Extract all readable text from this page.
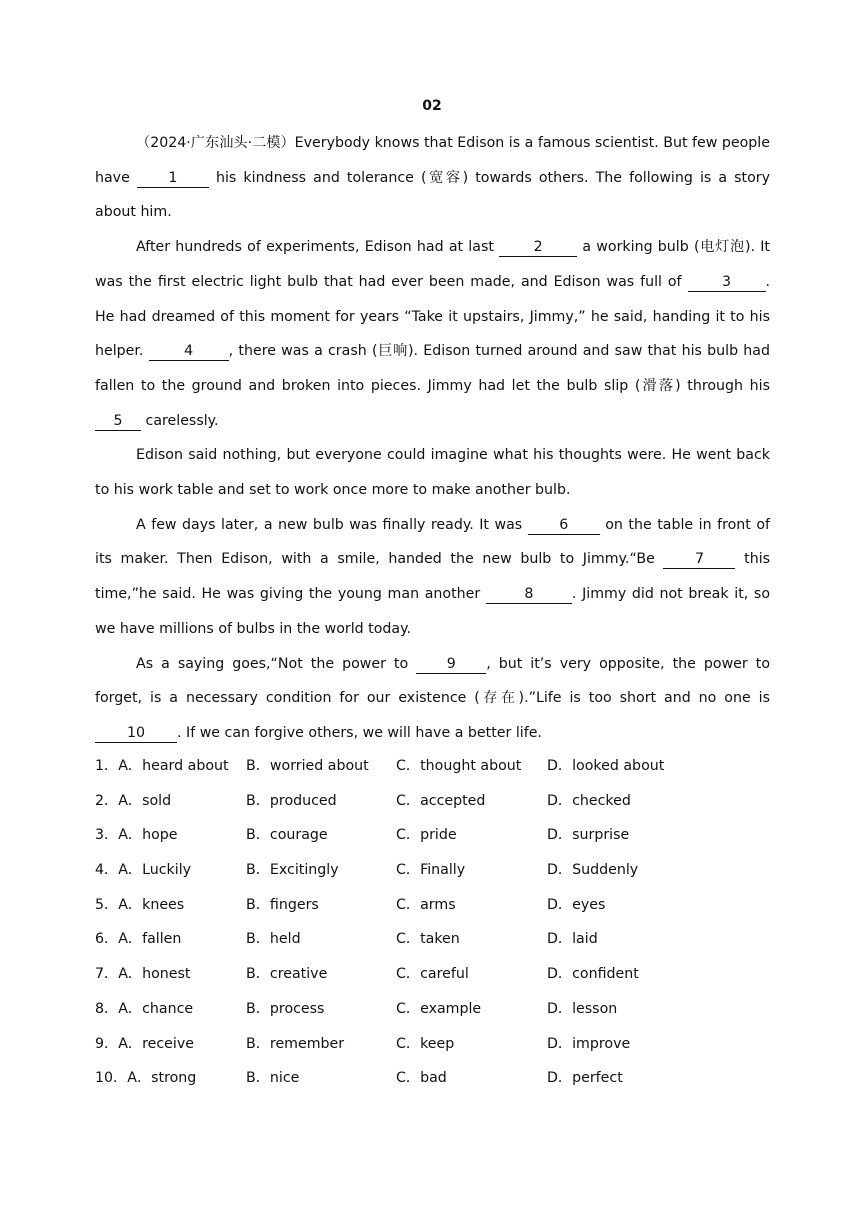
02

（2024·广东汕头·二模）Everybody knows that Edison is a famous scientist. But few people have	1	his kindness and tolerance (宽容) towards others. The following is a story about him.

After hundreds of experiments, Edison had at last	2	a working bulb (电灯泡). It was the first electric light bulb that had ever been made, and Edison was full of	3 . He had dreamed of this moment for years “Take it upstairs, Jimmy,” he said, handing it to his helper.	4 , there was a crash (巨响). Edison turned around and saw that his bulb had fallen to the ground and broken into pieces. Jimmy had let the bulb slip (滑落) through his 5 carelessly.

Edison said nothing, but everyone could imagine what his thoughts were. He went back to his work table and set to work once more to make another bulb.

A few days later, a new bulb was finally ready. It was	6	on the table in front of its maker. Then Edison, with a smile, handed the new bulb to Jimmy.“Be	7	this time,”he said. He was giving the young man another	8	. Jimmy did not break it, so we have millions of bulbs in the world today.

As a saying goes,“Not the power to	9 , but it’s very opposite, the power to forget, is a necessary condition for our existence (存在).”Life is too short and no one is 10 . If we can forgive others, we will have a better life.

1．A．heard about B．worried about C．thought about D．looked about
2．A．sold	B．produced	C．accepted	D．checked
3．A．hope	B．courage	C．pride	D．surprise
4．A．Luckily	B．Excitingly	C．Finally	D．Suddenly
5．A．knees	B．fingers	C．arms	D．eyes
6．A．fallen	B．held	C．taken	D．laid
7．A．honest	B．creative	C．careful	D．confident
8．A．chance	B．process	C．example	D．lesson
9．A．receive	B．remember	C．keep	D．improve
10．A．strong	B．nice	C．bad	D．perfect
